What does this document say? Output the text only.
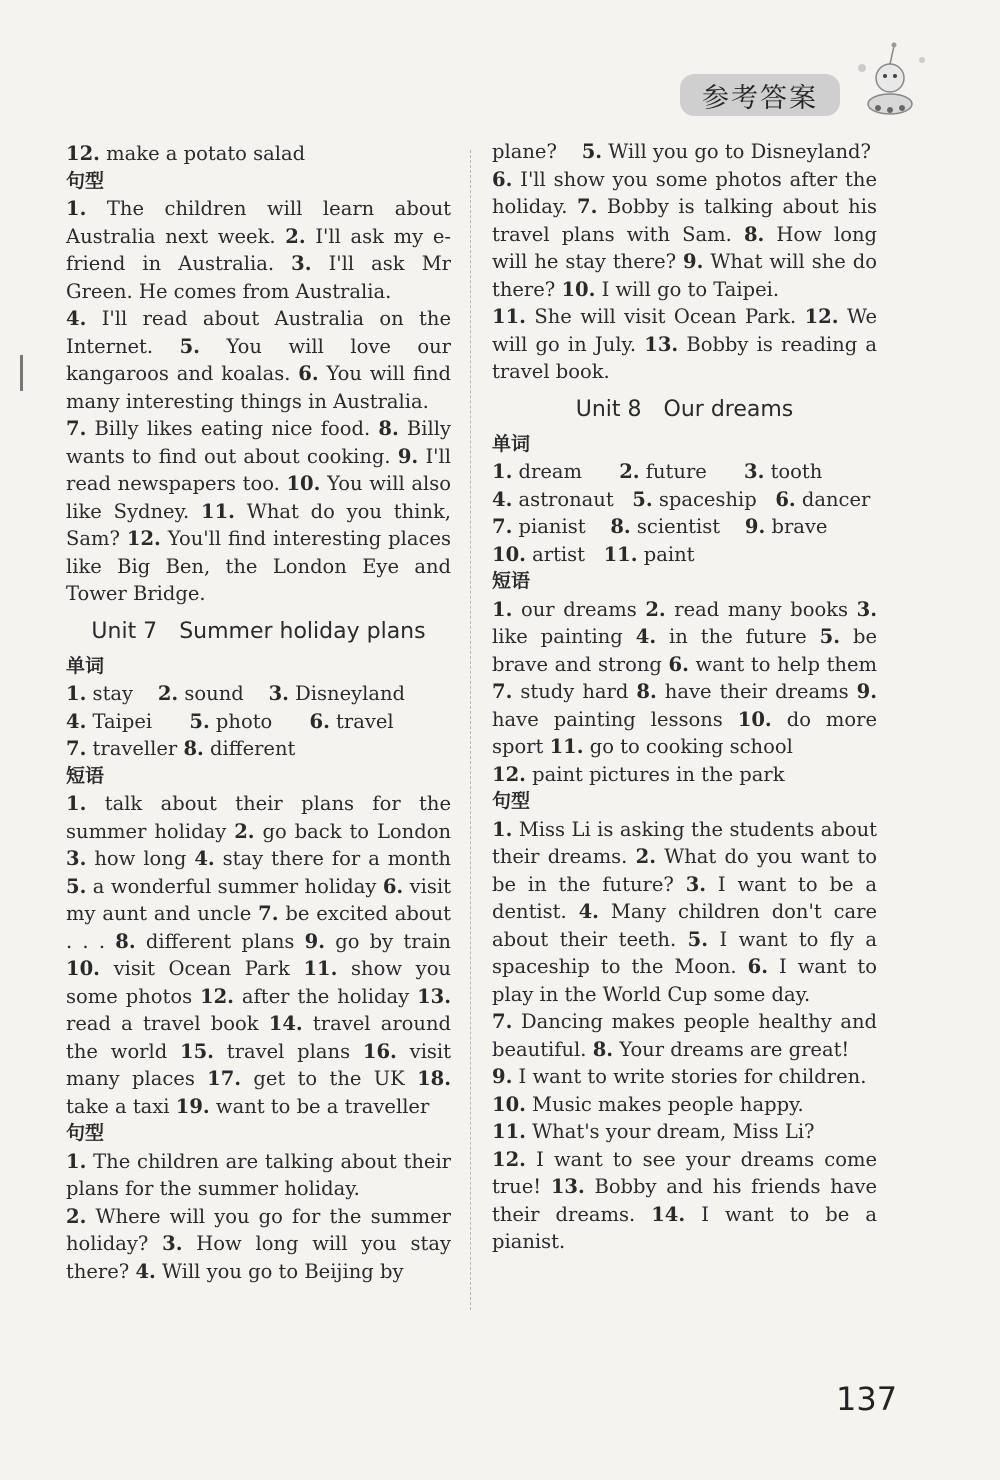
参考答案

12. make a potato salad

句型

1. The children will learn about Australia next week. 2. I'll ask my e-friend in Australia. 3. I'll ask Mr Green. He comes from Australia.

4. I'll read about Australia on the Internet. 5. You will love our kangaroos and koalas. 6. You will find many interesting things in Australia.

7. Billy likes eating nice food. 8. Billy wants to find out about cooking. 9. I'll read newspapers too. 10. You will also like Sydney. 11. What do you think, Sam? 12. You'll find interesting places like Big Ben, the London Eye and Tower Bridge.

Unit 7 Summer holiday plans

单词

1. stay    2. sound    3. Disneyland
4. Taipei      5. photo      6. travel
7. traveller 8. different

短语

1. talk about their plans for the summer holiday 2. go back to London 3. how long 4. stay there for a month 5. a wonderful summer holiday 6. visit my aunt and uncle 7. be excited about . . . 8. different plans 9. go by train 10. visit Ocean Park 11. show you some photos 12. after the holiday 13. read a travel book 14. travel around the world 15. travel plans 16. visit many places 17. get to the UK 18. take a taxi 19. want to be a traveller

句型

1. The children are talking about their plans for the summer holiday.

2. Where will you go for the summer holiday? 3. How long will you stay there? 4. Will you go to Beijing by

plane?    5. Will you go to Disneyland?

6. I'll show you some photos after the holiday. 7. Bobby is talking about his travel plans with Sam. 8. How long will he stay there? 9. What will she do there? 10. I will go to Taipei.

11. She will visit Ocean Park. 12. We will go in July. 13. Bobby is reading a travel book.

Unit 8 Our dreams

单词

1. dream      2. future      3. tooth
4. astronaut   5. spaceship   6. dancer
7. pianist    8. scientist    9. brave
10. artist   11. paint

短语

1. our dreams 2. read many books 3. like painting 4. in the future 5. be brave and strong 6. want to help them 7. study hard 8. have their dreams 9. have painting lessons 10. do more sport 11. go to cooking school

12. paint pictures in the park

句型

1. Miss Li is asking the students about their dreams. 2. What do you want to be in the future? 3. I want to be a dentist. 4. Many children don't care about their teeth. 5. I want to fly a spaceship to the Moon. 6. I want to play in the World Cup some day.

7. Dancing makes people healthy and beautiful. 8. Your dreams are great!

9. I want to write stories for children.

10. Music makes people happy.

11. What's your dream, Miss Li?

12. I want to see your dreams come true! 13. Bobby and his friends have their dreams. 14. I want to be a pianist.

137
